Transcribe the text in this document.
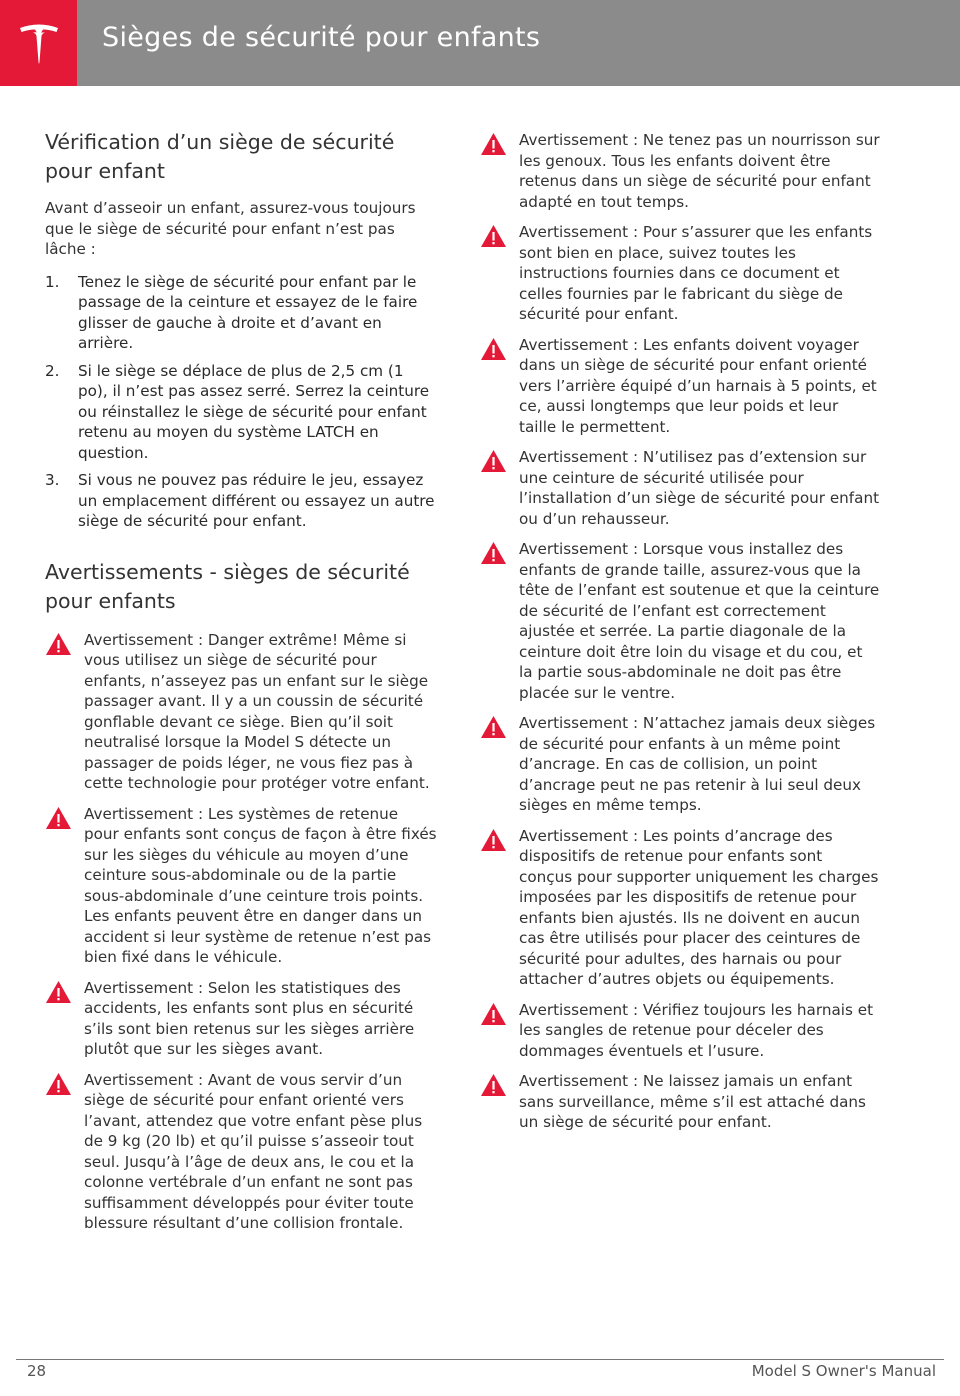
Sièges de sécurité pour enfants
Vérification d’un siège de sécurité pour enfant

Avant d’asseoir un enfant, assurez-vous toujours que le siège de sécurité pour enfant n’est pas lâche :

1. Tenez le siège de sécurité pour enfant par le passage de la ceinture et essayez de le faire glisser de gauche à droite et d’avant en arrière.
2. Si le siège se déplace de plus de 2,5 cm (1 po), il n’est pas assez serré. Serrez la ceinture ou réinstallez le siège de sécurité pour enfant retenu au moyen du système LATCH en question.
3. Si vous ne pouvez pas réduire le jeu, essayez un emplacement différent ou essayez un autre siège de sécurité pour enfant.
Avertissements - sièges de sécurité pour enfants
Avertissement : Danger extrême! Même si vous utilisez un siège de sécurité pour enfants, n’asseyez pas un enfant sur le siège passager avant. Il y a un coussin de sécurité gonflable devant ce siège. Bien qu’il soit neutralisé lorsque la Model S détecte un passager de poids léger, ne vous fiez pas à cette technologie pour protéger votre enfant.
Avertissement : Les systèmes de retenue pour enfants sont conçus de façon à être fixés sur les sièges du véhicule au moyen d’une ceinture sous-abdominale ou de la partie sous-abdominale d’une ceinture trois points. Les enfants peuvent être en danger dans un accident si leur système de retenue n’est pas bien fixé dans le véhicule.
Avertissement : Selon les statistiques des accidents, les enfants sont plus en sécurité s’ils sont bien retenus sur les sièges arrière plutôt que sur les sièges avant.
Avertissement : Avant de vous servir d’un siège de sécurité pour enfant orienté vers l’avant, attendez que votre enfant pèse plus de 9 kg (20 lb) et qu’il puisse s’asseoir tout seul. Jusqu’à l’âge de deux ans, le cou et la colonne vertébrale d’un enfant ne sont pas suffisamment développés pour éviter toute blessure résultant d’une collision frontale.
Avertissement : Ne tenez pas un nourrisson sur les genoux. Tous les enfants doivent être retenus dans un siège de sécurité pour enfant adapté en tout temps.
Avertissement : Pour s’assurer que les enfants sont bien en place, suivez toutes les instructions fournies dans ce document et celles fournies par le fabricant du siège de sécurité pour enfant.
Avertissement : Les enfants doivent voyager dans un siège de sécurité pour enfant orienté vers l’arrière équipé d’un harnais à 5 points, et ce, aussi longtemps que leur poids et leur taille le permettent.
Avertissement : N’utilisez pas d’extension sur une ceinture de sécurité utilisée pour l’installation d’un siège de sécurité pour enfant ou d’un rehausseur.
Avertissement : Lorsque vous installez des enfants de grande taille, assurez-vous que la tête de l’enfant est soutenue et que la ceinture de sécurité de l’enfant est correctement ajustée et serrée. La partie diagonale de la ceinture doit être loin du visage et du cou, et la partie sous-abdominale ne doit pas être placée sur le ventre.
Avertissement : N’attachez jamais deux sièges de sécurité pour enfants à un même point d’ancrage. En cas de collision, un point d’ancrage peut ne pas retenir à lui seul deux sièges en même temps.
Avertissement : Les points d’ancrage des dispositifs de retenue pour enfants sont conçus pour supporter uniquement les charges imposées par les dispositifs de retenue pour enfants bien ajustés. Ils ne doivent en aucun cas être utilisés pour placer des ceintures de sécurité pour adultes, des harnais ou pour attacher d’autres objets ou équipements.
Avertissement : Vérifiez toujours les harnais et les sangles de retenue pour déceler des dommages éventuels et l’usure.
Avertissement : Ne laissez jamais un enfant sans surveillance, même s’il est attaché dans un siège de sécurité pour enfant.
28	Model S Owner's Manual
